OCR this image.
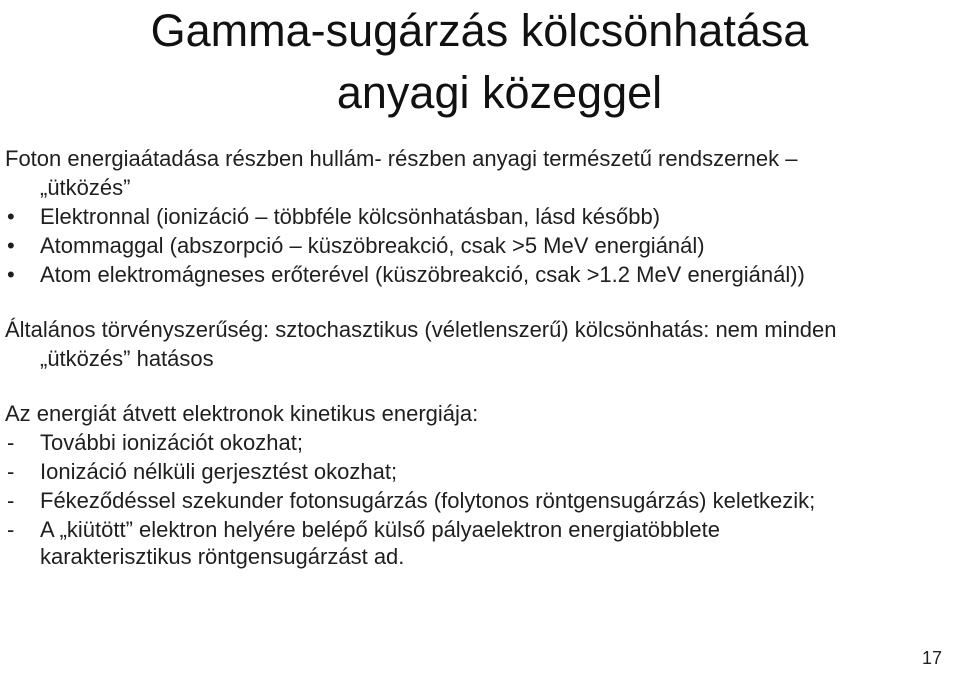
Gamma-sugárzás kölcsönhatása
anyagi közeggel

Foton energiaátadása részben hullám- részben anyagi természetű rendszernek –
„ütközés”

• Elektronnal (ionizáció – többféle kölcsönhatásban, lásd később)
• Atommaggal (abszorpció – küszöbreakció, csak >5 MeV energiánál)
• Atom elektromágneses erőterével (küszöbreakció, csak >1.2 MeV energiánál))

Általános törvényszerűség: sztochasztikus (véletlenszerű) kölcsönhatás: nem minden
„ütközés” hatásos

Az energiát átvett elektronok kinetikus energiája:

- További ionizációt okozhat;
- Ionizáció nélküli gerjesztést okozhat;
- Fékeződéssel szekunder fotonsugárzás (folytonos röntgensugárzás) keletkezik;
- A „kiütött” elektron helyére belépő külső pályaelektron energiatöbblete
karakterisztikus röntgensugárzást ad.
17
